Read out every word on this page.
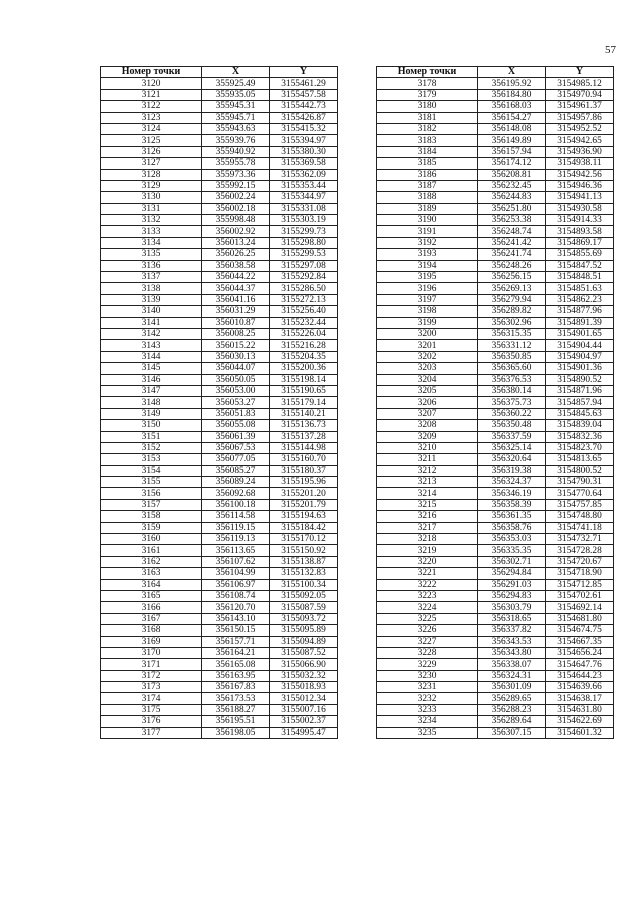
57
Номер точки	X	Y
3120	355925.49	3155461.29
3121	355935.05	3155457.58
3122	355945.31	3155442.73
3123	355945.71	3155426.87
3124	355943.63	3155415.32
3125	355939.76	3155394.97
3126	355940.92	3155380.30
3127	355955.78	3155369.58
3128	355973.36	3155362.09
3129	355992.15	3155353.44
3130	356002.24	3155344.97
3131	356002.18	3155331.08
3132	355998.48	3155303.19
3133	356002.92	3155299.73
3134	356013.24	3155298.80
3135	356026.25	3155299.53
3136	356038.58	3155297.08
3137	356044.22	3155292.84
3138	356044.37	3155286.50
3139	356041.16	3155272.13
3140	356031.29	3155256.40
3141	356010.87	3155232.44
3142	356008.25	3155226.04
3143	356015.22	3155216.28
3144	356030.13	3155204.35
3145	356044.07	3155200.36
3146	356050.05	3155198.14
3147	356053.00	3155190.65
3148	356053.27	3155179.14
3149	356051.83	3155140.21
3150	356055.08	3155136.73
3151	356061.39	3155137.28
3152	356067.53	3155144.98
3153	356077.05	3155160.70
3154	356085.27	3155180.37
3155	356089.24	3155195.96
3156	356092.68	3155201.20
3157	356100.18	3155201.79
3158	356114.58	3155194.63
3159	356119.15	3155184.42
3160	356119.13	3155170.12
3161	356113.65	3155150.92
3162	356107.62	3155138.87
3163	356104.99	3155132.83
3164	356106.97	3155100.34
3165	356108.74	3155092.05
3166	356120.70	3155087.59
3167	356143.10	3155093.72
3168	356150.15	3155095.89
3169	356157.71	3155094.89
3170	356164.21	3155087.52
3171	356165.08	3155066.90
3172	356163.95	3155032.32
3173	356167.83	3155018.93
3174	356173.53	3155012.34
3175	356188.27	3155007.16
3176	356195.51	3155002.37
3177	356198.05	3154995.47
Номер точки	X	Y
3178	356195.92	3154985.12
3179	356184.80	3154970.94
3180	356168.03	3154961.37
3181	356154.27	3154957.86
3182	356148.08	3154952.52
3183	356149.89	3154942.65
3184	356157.94	3154936.90
3185	356174.12	3154938.11
3186	356208.81	3154942.56
3187	356232.45	3154946.36
3188	356244.83	3154941.13
3189	356251.80	3154930.58
3190	356253.38	3154914.33
3191	356248.74	3154893.58
3192	356241.42	3154869.17
3193	356241.74	3154855.69
3194	356248.26	3154847.52
3195	356256.15	3154848.51
3196	356269.13	3154851.63
3197	356279.94	3154862.23
3198	356289.82	3154877.96
3199	356302.96	3154891.39
3200	356315.35	3154901.65
3201	356331.12	3154904.44
3202	356350.85	3154904.97
3203	356365.60	3154901.36
3204	356376.53	3154890.52
3205	356380.14	3154871.96
3206	356375.73	3154857.94
3207	356360.22	3154845.63
3208	356350.48	3154839.04
3209	356337.59	3154832.36
3210	356325.14	3154823.70
3211	356320.64	3154813.65
3212	356319.38	3154800.52
3213	356324.37	3154790.31
3214	356346.19	3154770.64
3215	356358.39	3154757.85
3216	356361.35	3154748.80
3217	356358.76	3154741.18
3218	356353.03	3154732.71
3219	356335.35	3154728.28
3220	356302.71	3154720.67
3221	356294.84	3154718.90
3222	356291.03	3154712.85
3223	356294.83	3154702.61
3224	356303.79	3154692.14
3225	356318.65	3154681.80
3226	356337.82	3154674.75
3227	356343.53	3154667.35
3228	356343.80	3154656.24
3229	356338.07	3154647.76
3230	356324.31	3154644.23
3231	356301.09	3154639.66
3232	356289.65	3154638.17
3233	356288.23	3154631.80
3234	356289.64	3154622.69
3235	356307.15	3154601.32
